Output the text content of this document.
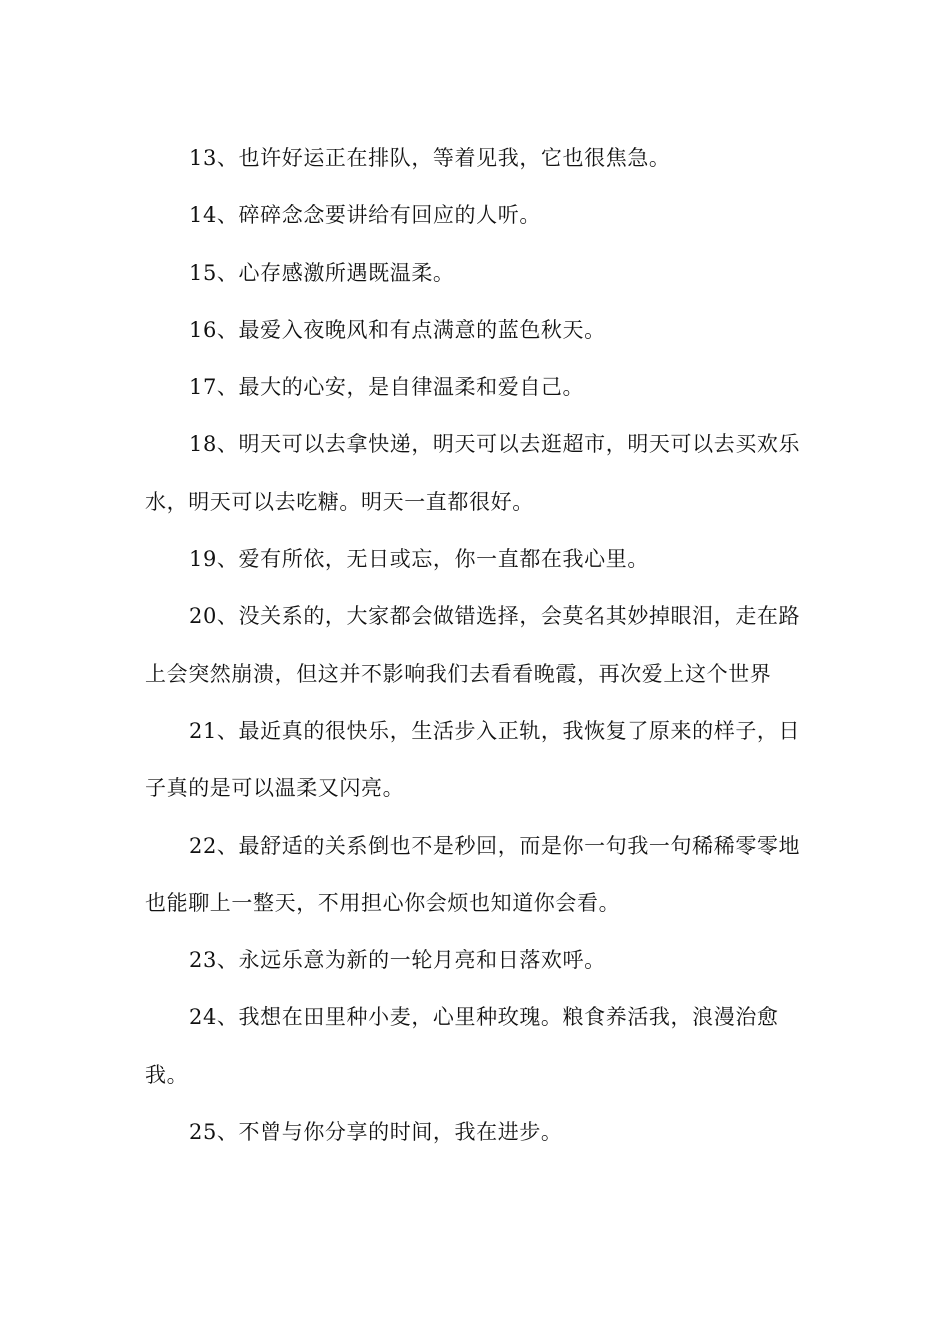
13、也许好运正在排队，等着见我，它也很焦急。

14、碎碎念念要讲给有回应的人听。

15、心存感激所遇既温柔。

16、最爱入夜晚风和有点满意的蓝色秋天。

17、最大的心安，是自律温柔和爱自己。

18、明天可以去拿快递，明天可以去逛超市，明天可以去买欢乐水，明天可以去吃糖。明天一直都很好。

19、爱有所依，无日或忘，你一直都在我心里。

20、没关系的，大家都会做错选择，会莫名其妙掉眼泪，走在路上会突然崩溃，但这并不影响我们去看看晚霞，再次爱上这个世界

21、最近真的很快乐，生活步入正轨，我恢复了原来的样子，日子真的是可以温柔又闪亮。

22、最舒适的关系倒也不是秒回，而是你一句我一句稀稀零零地也能聊上一整天，不用担心你会烦也知道你会看。

23、永远乐意为新的一轮月亮和日落欢呼。

24、我想在田里种小麦，心里种玫瑰。粮食养活我，浪漫治愈我。

25、不曾与你分享的时间，我在进步。
